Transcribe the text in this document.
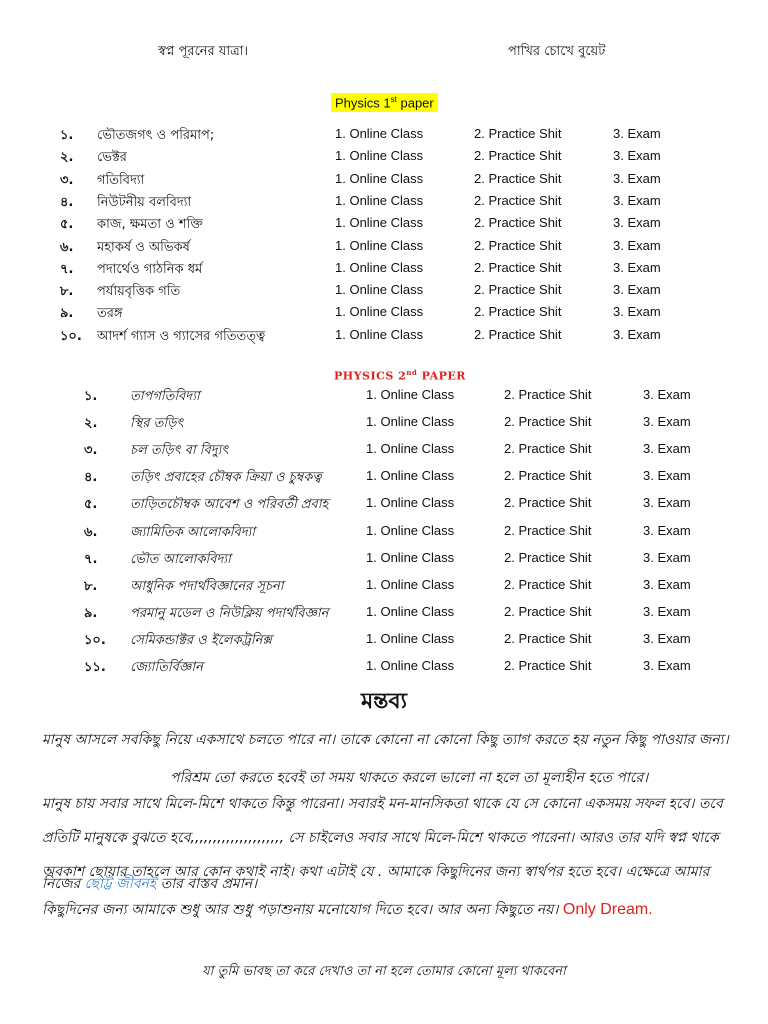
স্বপ্ন পূরনের যাত্রা।	পাখির চোখে বুয়েট
Physics 1st paper
১. ভৌতজগৎ ও পরিমাপ;	1. Online Class	2. Practice Shit	3. Exam
২. ভেক্টর	1. Online Class	2. Practice Shit	3. Exam
৩. গতিবিদ্যা	1. Online Class	2. Practice Shit	3. Exam
৪. নিউটনীয় বলবিদ্যা	1. Online Class	2. Practice Shit	3. Exam
৫. কাজ, ক্ষমতা ও শক্তি	1. Online Class	2. Practice Shit	3. Exam
৬. মহাকর্ষ ও অভিকর্ষ	1. Online Class	2. Practice Shit	3. Exam
৭. পদার্থেও গাঠনিক ধর্ম	1. Online Class	2. Practice Shit	3. Exam
৮. পর্যায়বৃত্তিক গতি	1. Online Class	2. Practice Shit	3. Exam
৯. তরঙ্গ	1. Online Class	2. Practice Shit	3. Exam
১০. আদর্শ গ্যাস ও গ্যাসের গতিতত্ত্ব	1. Online Class	2. Practice Shit	3. Exam
PHYSICS 2nd PAPER
১.	তাপগতিবিদ্যা	1. Online Class	2. Practice Shit	3. Exam
২.	স্থির তড়িৎ	1. Online Class	2. Practice Shit	3. Exam
৩.	চল তড়িৎ বা বিদ্যুৎ	1. Online Class	2. Practice Shit	3. Exam
৪.	তড়িৎ প্রবাহের চৌম্বক ক্রিয়া ও চুম্বকত্ব	1. Online Class	2. Practice Shit	3. Exam
৫.	তাড়িতচৌম্বক আবেশ ও পরিবর্তী প্রবাহ	1. Online Class	2. Practice Shit	3. Exam
৬.	জ্যামিতিক আলোকবিদ্যা	1. Online Class	2. Practice Shit	3. Exam
৭.	ভৌত আলোকবিদ্যা	1. Online Class	2. Practice Shit	3. Exam
৮.	আধুনিক পদার্থবিজ্ঞানের সূচনা	1. Online Class	2. Practice Shit	3. Exam
৯.	পরমানু মডেল ও নিউক্লিয় পদার্থবিজ্ঞান	1. Online Class	2. Practice Shit	3. Exam
১০. সেমিকন্ডাক্টর ও ইলেকট্রনিক্স	1. Online Class	2. Practice Shit	3. Exam
১১. জ্যোতির্বিজ্ঞান	1. Online Class	2. Practice Shit	3. Exam
মন্তব্য
মানুষ আসলে সবকিছু নিয়ে একসাথে চলতে পারে না। তাকে কোনো না কোনো কিছু ত্যাগ করতে হয় নতুন কিছু পাওয়ার জন্য।
পরিশ্রম তো করতে হবেই তা সময় থাকতে করলে ভালো না হলে তা মূল্যহীন হতে পারে।
মানুষ চায় সবার সাথে মিলে-মিশে থাকতে কিন্তু পারেনা। সবারই মন-মানসিকতা থাকে যে সে কোনো একসময় সফল হবে। তবে
প্রতিটি মানুষকে বুঝতে হবে,,,,,,,,,,,,,,,,,,,,, সে চাইলেও সবার সাথে মিলে-মিশে থাকতে পারেনা। আরও তার যদি স্বপ্ন থাকে
অবকাশ ছোয়ার তাহলে আর কোন কথাই নাই। কথা এটাই যে . আমাকে কিছুদিনের জন্য স্বার্থপর হতে হবে। এক্ষেত্রে আমার
নিজের ছোট্ট জীবনই তার বাস্তব প্রমান।
কিছুদিনের জন্য আমাকে শুধু আর শুধু পড়াশুনায় মনোযোগ দিতে হবে। আর অন্য কিছুতে নয়। Only Dream.
যা তুমি ভাবছ তা করে দেখাও তা না হলে তোমার কোনো মূল্য থাকবেনা
